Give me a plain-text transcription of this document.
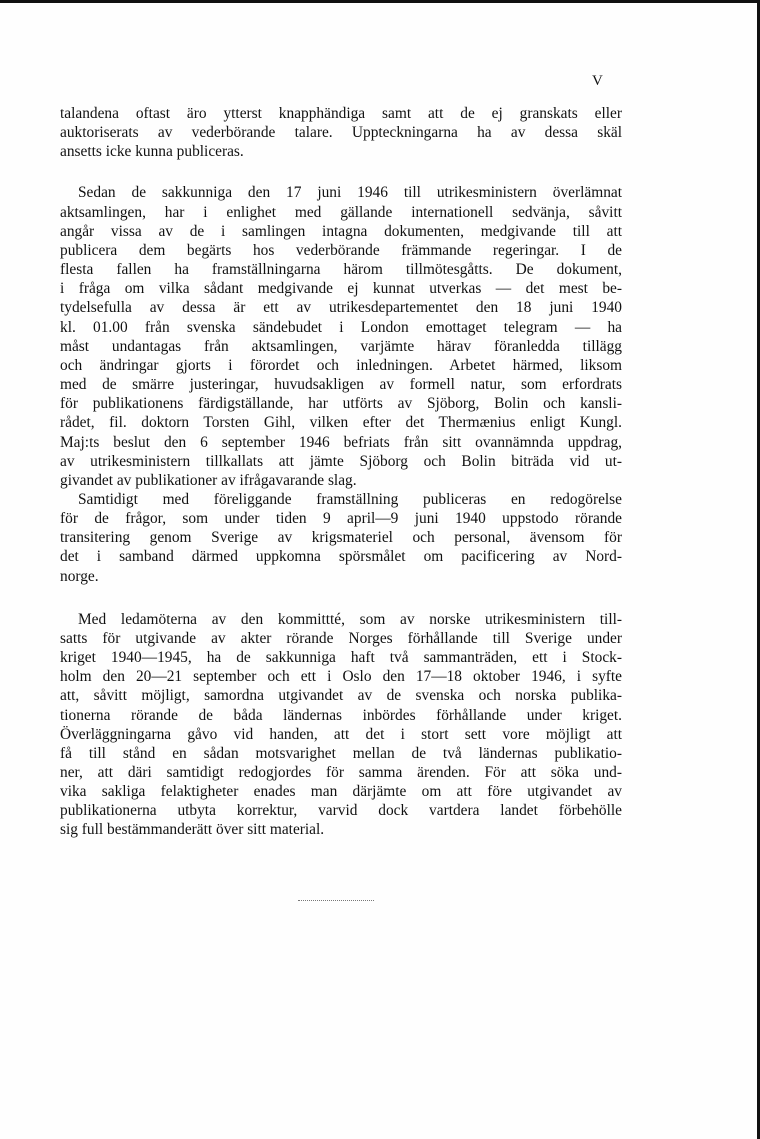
V
talandena oftast äro ytterst knapphändiga samt att de ej granskats eller
auktoriserats av vederbörande talare. Uppteckningarna ha av dessa skäl
ansetts icke kunna publiceras.
Sedan de sakkunniga den 17 juni 1946 till utrikesministern överlämnat
aktsamlingen, har i enlighet med gällande internationell sedvänja, såvitt
angår vissa av de i samlingen intagna dokumenten, medgivande till att
publicera dem begärts hos vederbörande främmande regeringar. I de
flesta fallen ha framställningarna härom tillmötesgåtts. De dokument,
i fråga om vilka sådant medgivande ej kunnat utverkas — det mest be-
tydelsefulla av dessa är ett av utrikesdepartementet den 18 juni 1940
kl. 01.00 från svenska sändebudet i London emottaget telegram — ha
måst undantagas från aktsamlingen, varjämte härav föranledda tillägg
och ändringar gjorts i förordet och inledningen. Arbetet härmed, liksom
med de smärre justeringar, huvudsakligen av formell natur, som erfordrats
för publikationens färdigställande, har utförts av Sjöborg, Bolin och kansli-
rådet, fil. doktorn Torsten Gihl, vilken efter det Thermænius enligt Kungl.
Maj:ts beslut den 6 september 1946 befriats från sitt ovannämnda uppdrag,
av utrikesministern tillkallats att jämte Sjöborg och Bolin biträda vid ut-
givandet av publikationer av ifrågavarande slag.
Samtidigt med föreliggande framställning publiceras en redogörelse
för de frågor, som under tiden 9 april—9 juni 1940 uppstodo rörande
transitering genom Sverige av krigsmateriel och personal, ävensom för
det i samband därmed uppkomna spörsmålet om pacificering av Nord-
norge.
Med ledamöterna av den kommittté, som av norske utrikesministern till-
satts för utgivande av akter rörande Norges förhållande till Sverige under
kriget 1940—1945, ha de sakkunniga haft två sammanträden, ett i Stock-
holm den 20—21 september och ett i Oslo den 17—18 oktober 1946, i syfte
att, såvitt möjligt, samordna utgivandet av de svenska och norska publika-
tionerna rörande de båda ländernas inbördes förhållande under kriget.
Överläggningarna gåvo vid handen, att det i stort sett vore möjligt att
få till stånd en sådan motsvarighet mellan de två ländernas publikatio-
ner, att däri samtidigt redogjordes för samma ärenden. För att söka und-
vika sakliga felaktigheter enades man därjämte om att före utgivandet av
publikationerna utbyta korrektur, varvid dock vartdera landet förbehölle
sig full bestämmanderätt över sitt material.
